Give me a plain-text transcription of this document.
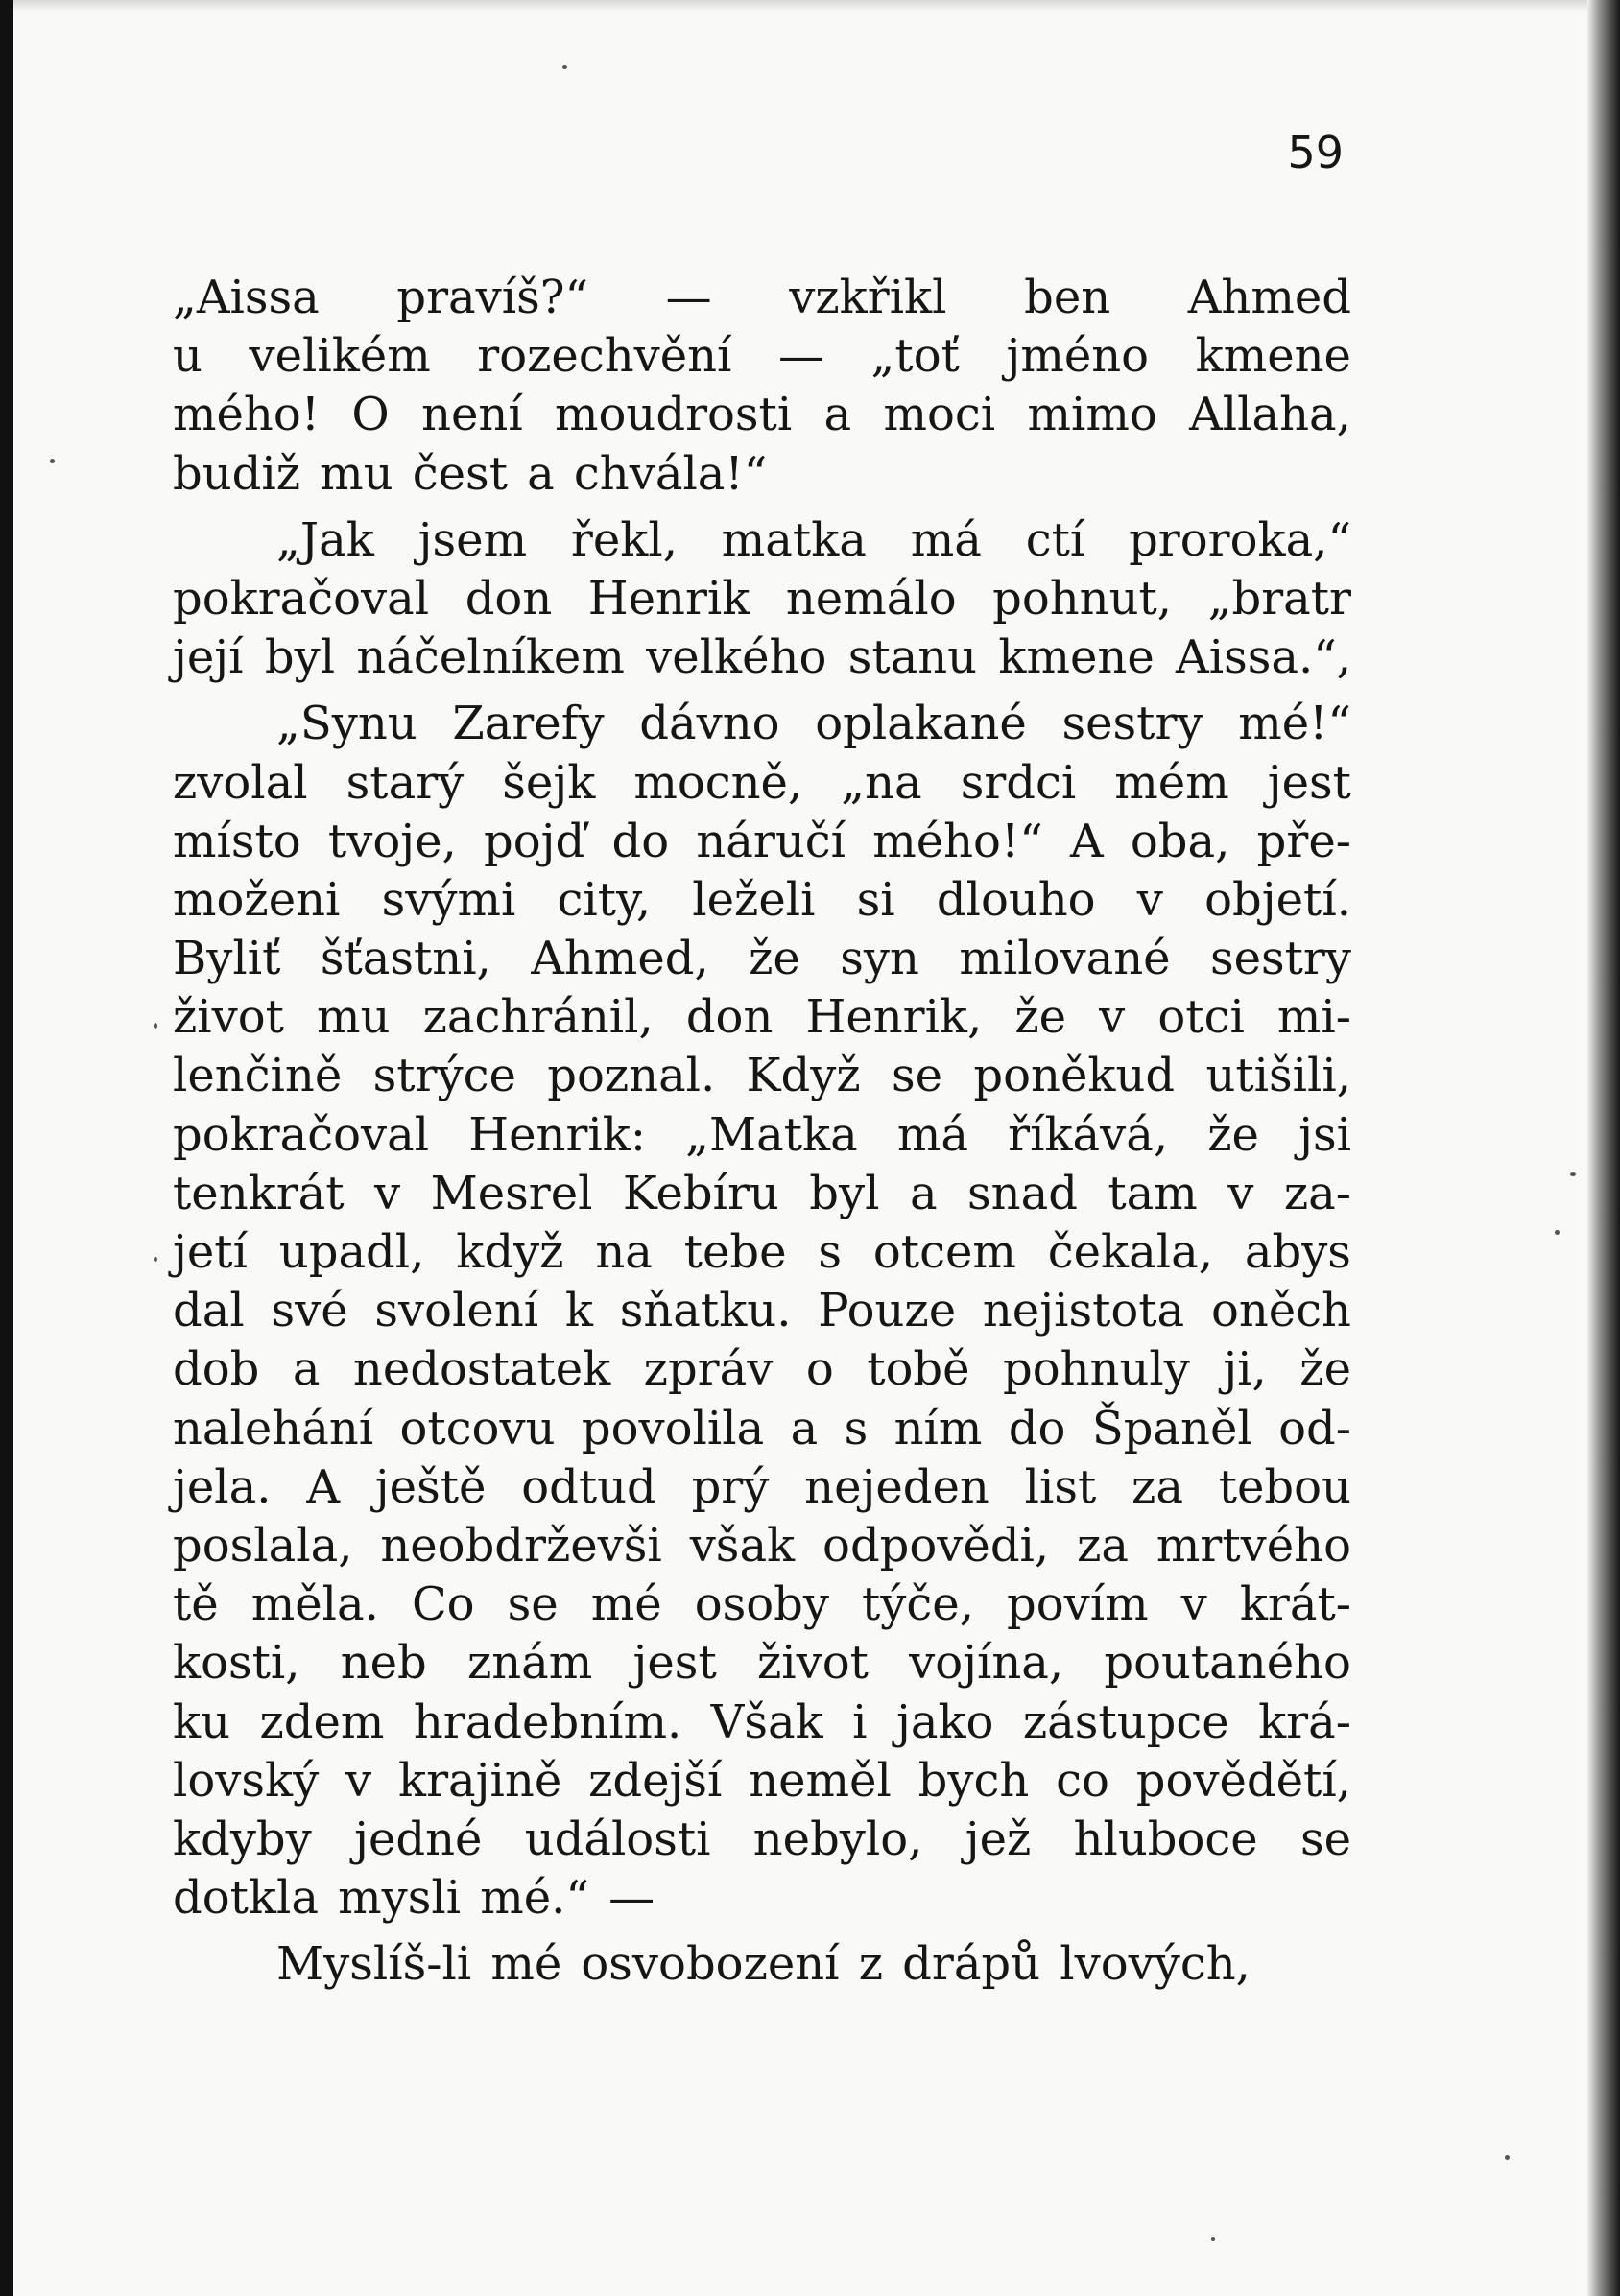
59
„Aissa pravíš?“ — vzkřikl ben Ahmed
u velikém rozechvění — „toť jméno kmene
mého! O není moudrosti a moci mimo Allaha,
budiž mu čest a chvála!“
„Jak jsem řekl, matka má ctí proroka,“
pokračoval don Henrik nemálo pohnut, „bratr
její byl náčelníkem velkého stanu kmene Aissa.“,
„Synu Zarefy dávno oplakané sestry mé!“
zvolal starý šejk mocně, „na srdci mém jest
místo tvoje, pojď do náručí mého!“ A oba, pře-
moženi svými city, leželi si dlouho v objetí.
Byliť šťastni, Ahmed, že syn milované sestry
život mu zachránil, don Henrik, že v otci mi-
lenčině strýce poznal. Když se poněkud utišili,
pokračoval Henrik: „Matka má říkává, že jsi
tenkrát v Mesrel Kebíru byl a snad tam v za-
jetí upadl, když na tebe s otcem čekala, abys
dal své svolení k sňatku. Pouze nejistota oněch
dob a nedostatek zpráv o tobě pohnuly ji, že
nalehání otcovu povolila a s ním do Španěl od-
jela. A ještě odtud prý nejeden list za tebou
poslala, neobdrževši však odpovědi, za mrtvého
tě měla. Co se mé osoby týče, povím v krát-
kosti, neb znám jest život vojína, poutaného
ku zdem hradebním. Však i jako zástupce krá-
lovský v krajině zdejší neměl bych co povědětí,
kdyby jedné události nebylo, jež hluboce se
dotkla mysli mé.“ —
Myslíš-li mé osvobození z drápů lvových,
